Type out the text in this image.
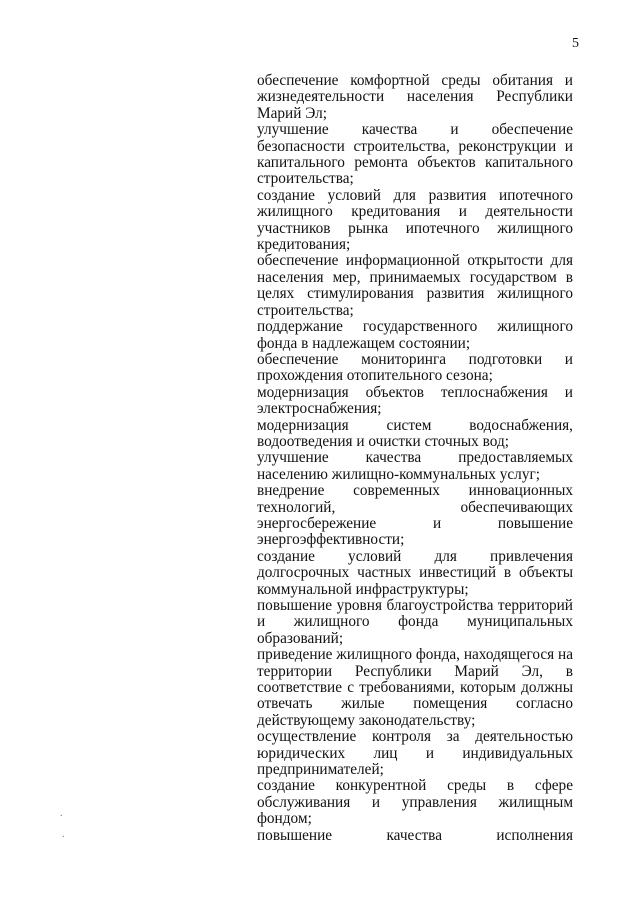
5

обеспечение комфортной среды обитания и жизнедеятельности населения Республики Марий Эл;

улучшение качества и обеспечение безопасности строительства, реконструкции и капитального ремонта объектов капитального строительства;

создание условий для развития ипотечного жилищного кредитования и деятельности участников рынка ипотечного жилищного кредитования;

обеспечение информационной открытости для населения мер, принимаемых государством в целях стимулирования развития жилищного строительства;

поддержание государственного жилищного фонда в надлежащем состоянии;

обеспечение мониторинга подготовки и прохождения отопительного сезона;

модернизация объектов теплоснабжения и электроснабжения;

модернизация систем водоснабжения, водоотведения и очистки сточных вод;

улучшение качества предоставляемых населению жилищно-коммунальных услуг;

внедрение современных инновационных технологий, обеспечивающих энергосбережение и повышение энергоэффективности;

создание условий для привлечения долгосрочных частных инвестиций в объекты коммунальной инфраструктуры;

повышение уровня благоустройства территорий и жилищного фонда муниципальных образований;

приведение жилищного фонда, находящегося на территории Республики Марий Эл, в соответствие с требованиями, которым должны отвечать жилые помещения согласно действующему законодательству;

осуществление контроля за деятельностью юридических лиц и индивидуальных предпринимателей;

создание конкурентной среды в сфере обслуживания и управления жилищным фондом;

повышение качества исполнения

.
.
